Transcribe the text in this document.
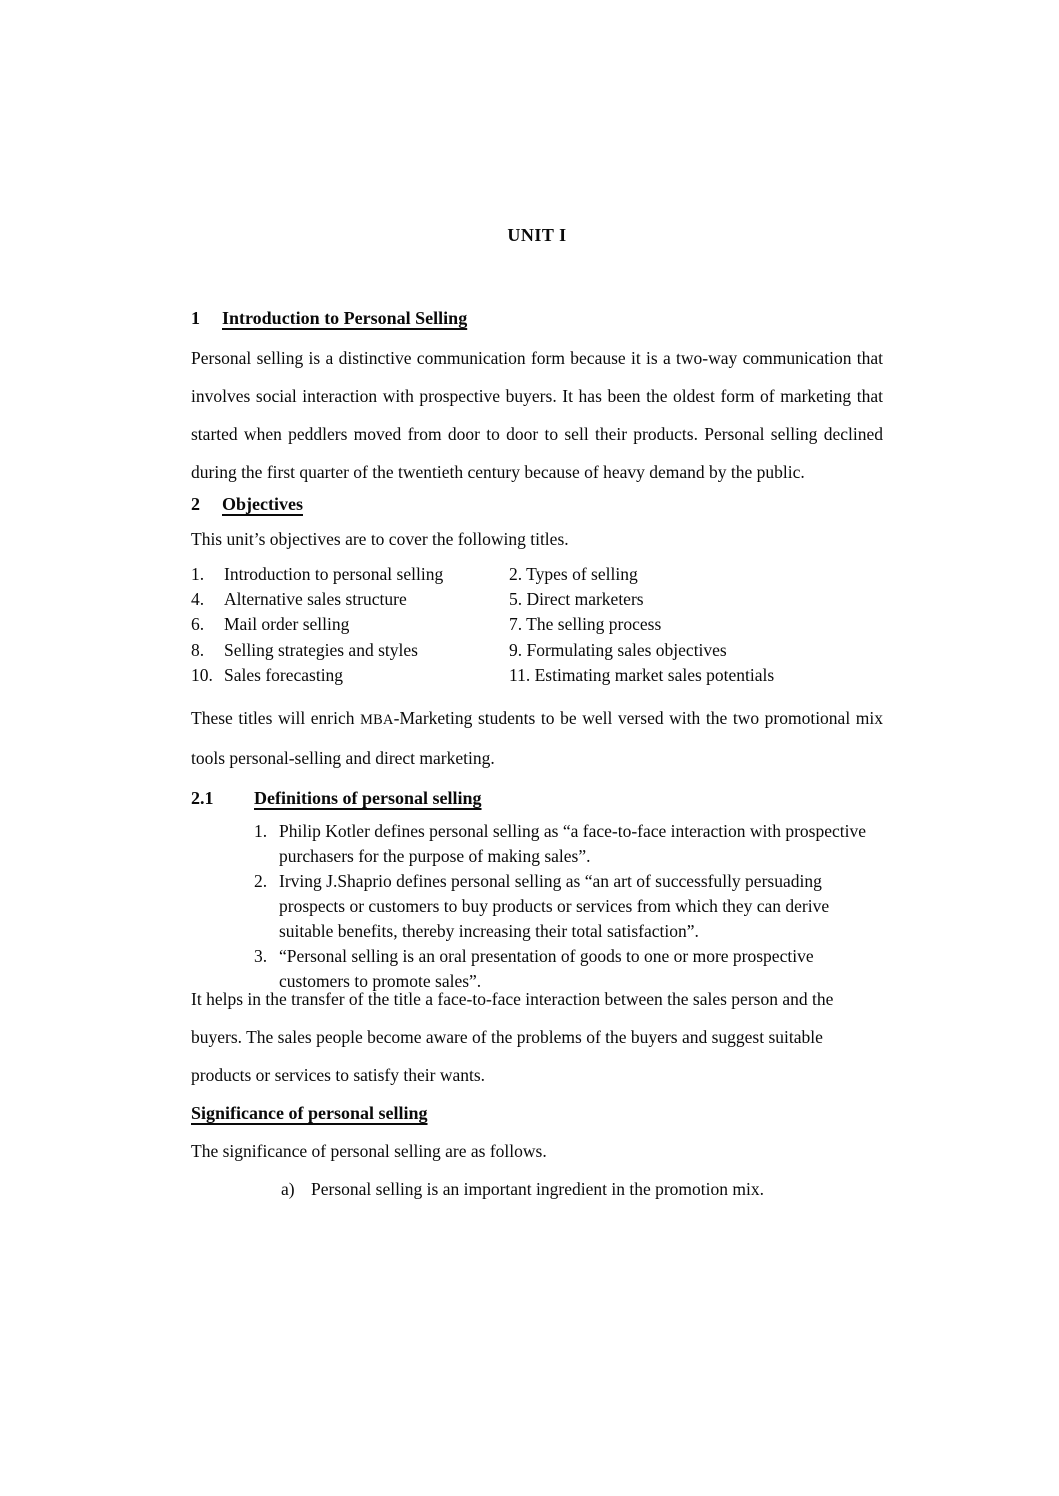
UNIT I
1	Introduction to Personal Selling

Personal selling is a distinctive communication form because it is a two-way communication that involves social interaction with prospective buyers. It has been the oldest form of marketing that started when peddlers moved from door to door to sell their products. Personal selling declined during the first quarter of the twentieth century because of heavy demand by the public.

2	Objectives

This unit’s objectives are to cover the following titles.

1.	Introduction to personal selling	2. Types of selling
4.	Alternative sales structure	5. Direct marketers
6.	Mail order selling	7. The selling process
8.	Selling strategies and styles	9. Formulating sales objectives
10. Sales forecasting	11. Estimating market sales potentials

These titles will enrich MBA-Marketing students to be well versed with the two promotional mix tools personal-selling and direct marketing.

2.1	Definitions of personal selling
1. Philip Kotler defines personal selling as “a face-to-face interaction with prospective purchasers for the purpose of making sales”.
2. Irving J.Shaprio defines personal selling as “an art of successfully persuading prospects or customers to buy products or services from which they can derive suitable benefits, thereby increasing their total satisfaction”.
3. “Personal selling is an oral presentation of goods to one or more prospective customers to promote sales”.

It helps in the transfer of the title a face-to-face interaction between the sales person and the buyers. The sales people become aware of the problems of the buyers and suggest suitable products or services to satisfy their wants.

Significance of personal selling

The significance of personal selling are as follows.

a) Personal selling is an important ingredient in the promotion mix.
